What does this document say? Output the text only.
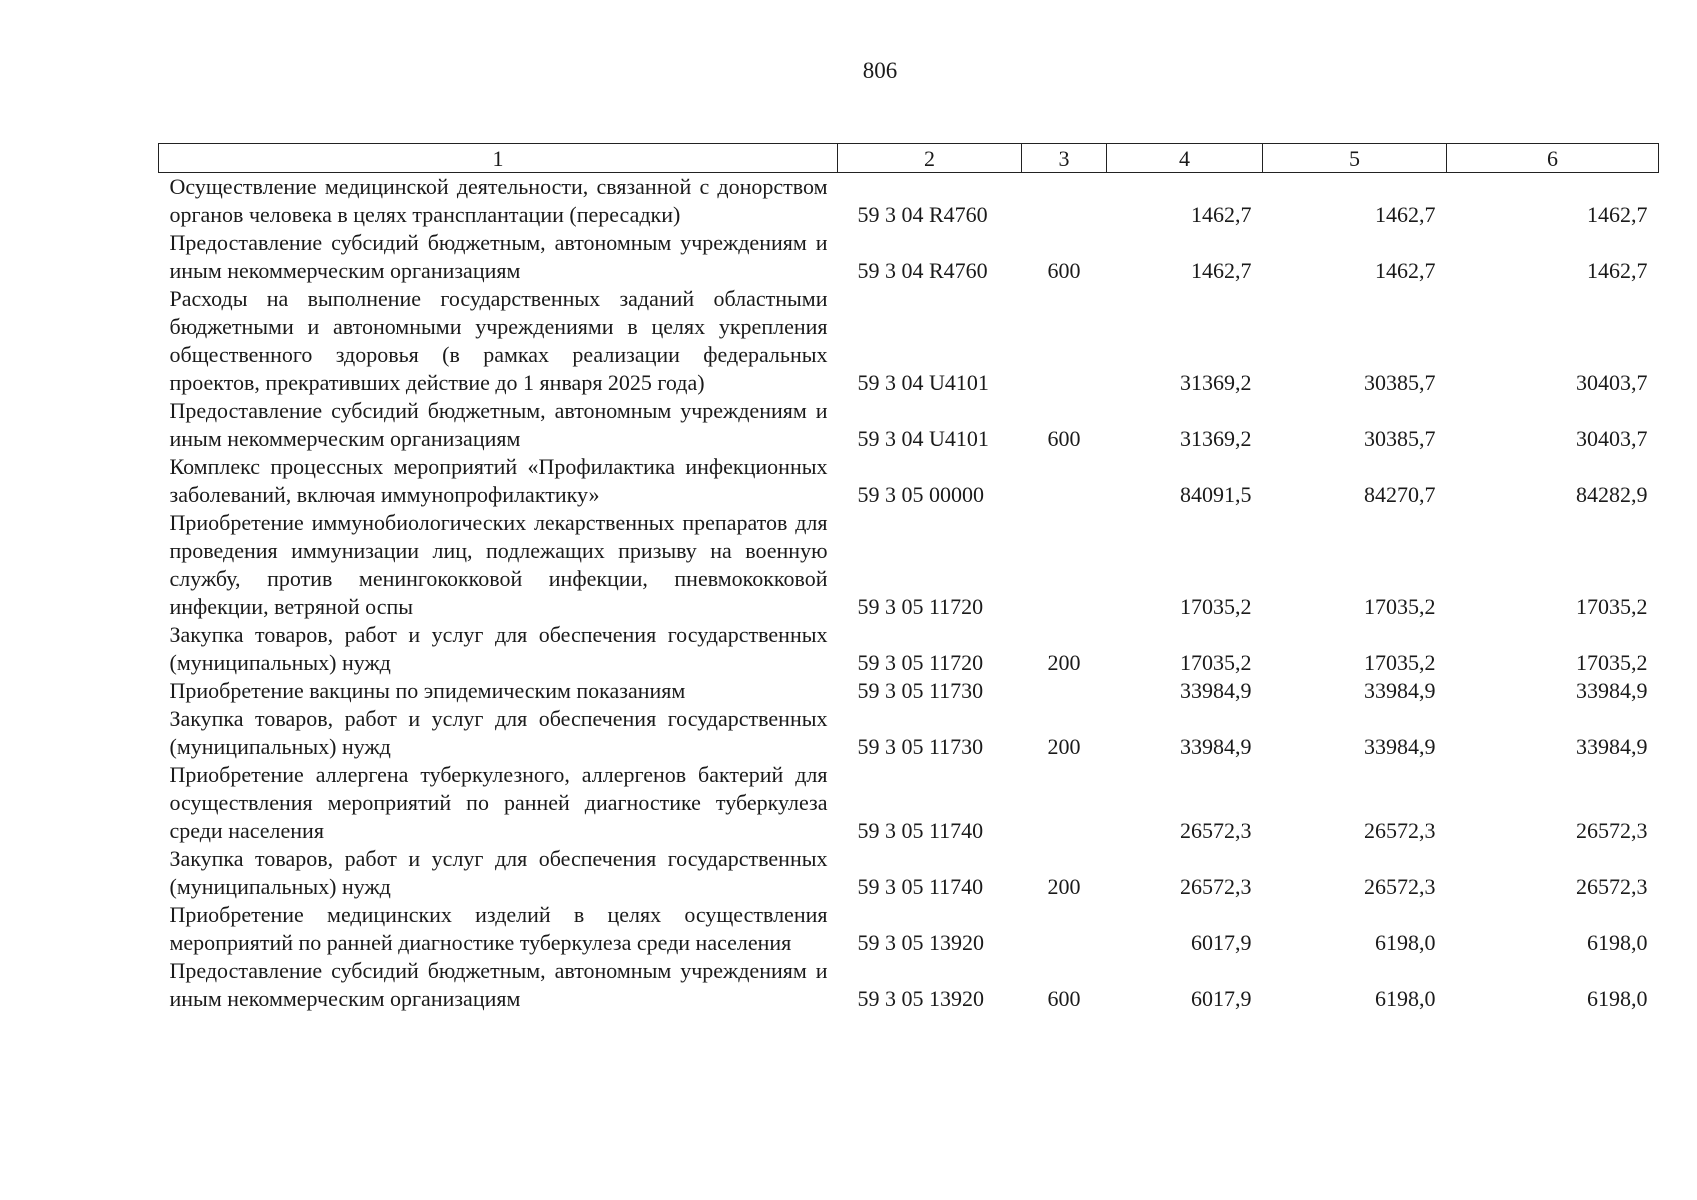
806
1	2	3	4	5	6
Осуществление медицинской деятельности, связанной с донорством органов человека в целях трансплантации (пересадки)	59 3 04 R4760		1462,7	1462,7	1462,7
Предоставление субсидий бюджетным, автономным учреждениям и иным некоммерческим организациям	59 3 04 R4760	600	1462,7	1462,7	1462,7
Расходы на выполнение государственных заданий областными бюджетными и автономными учреждениями в целях укрепления общественного здоровья (в рамках реализации федеральных проектов, прекративших действие до 1 января 2025 года)	59 3 04 U4101		31369,2	30385,7	30403,7
Предоставление субсидий бюджетным, автономным учреждениям и иным некоммерческим организациям	59 3 04 U4101	600	31369,2	30385,7	30403,7
Комплекс процессных мероприятий «Профилактика инфекционных заболеваний, включая иммунопрофилактику»	59 3 05 00000		84091,5	84270,7	84282,9
Приобретение иммунобиологических лекарственных препаратов для проведения иммунизации лиц, подлежащих призыву на военную службу, против менингококковой инфекции, пневмококковой инфекции, ветряной оспы	59 3 05 11720		17035,2	17035,2	17035,2
Закупка товаров, работ и услуг для обеспечения государственных (муниципальных) нужд	59 3 05 11720	200	17035,2	17035,2	17035,2
Приобретение вакцины по эпидемическим показаниям	59 3 05 11730		33984,9	33984,9	33984,9
Закупка товаров, работ и услуг для обеспечения государственных (муниципальных) нужд	59 3 05 11730	200	33984,9	33984,9	33984,9
Приобретение аллергена туберкулезного, аллергенов бактерий для осуществления мероприятий по ранней диагностике туберкулеза среди населения	59 3 05 11740		26572,3	26572,3	26572,3
Закупка товаров, работ и услуг для обеспечения государственных (муниципальных) нужд	59 3 05 11740	200	26572,3	26572,3	26572,3
Приобретение медицинских изделий в целях осуществления мероприятий по ранней диагностике туберкулеза среди населения	59 3 05 13920		6017,9	6198,0	6198,0
Предоставление субсидий бюджетным, автономным учреждениям и иным некоммерческим организациям	59 3 05 13920	600	6017,9	6198,0	6198,0
